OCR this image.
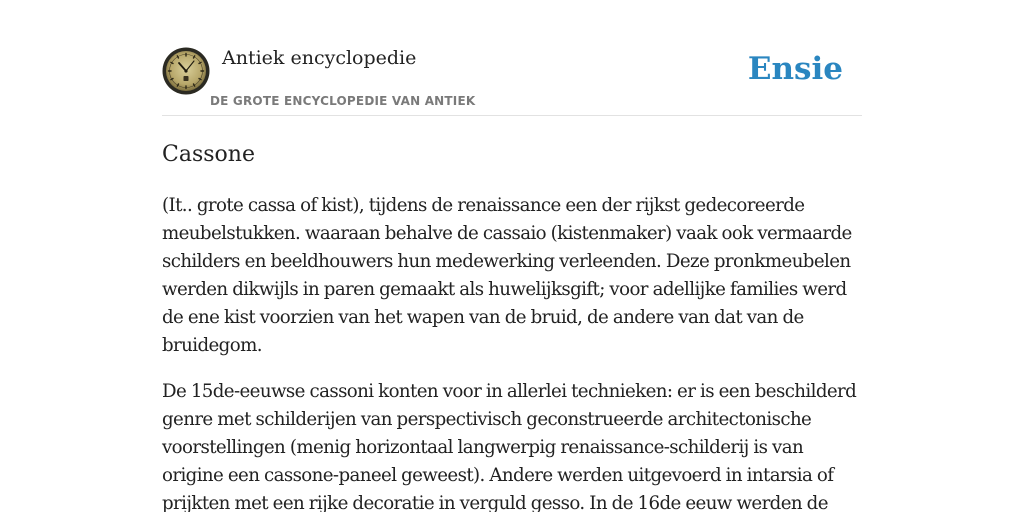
Antiek encyclopedie
DE GROTE ENCYCLOPEDIE VAN ANTIEK
Ensie
Cassone

(It.. grote cassa of kist), tijdens de renaissance een der rijkst gedecoreerde meubelstukken. waaraan behalve de cassaio (kistenmaker) vaak ook vermaarde schilders en beeldhouwers hun medewerking verleenden. Deze pronkmeubelen werden dikwijls in paren gemaakt als huwelijksgift; voor adellijke families werd de ene kist voorzien van het wapen van de bruid, de andere van dat van de bruidegom.

De 15de-eeuwse cassoni konten voor in allerlei technieken: er is een beschilderd genre met schilderijen van perspectivisch geconstrueerde architectonische voorstellingen (menig horizontaal langwerpig renaissance-schilderij is van origine een cassone-paneel geweest). Andere werden uitgevoerd in intarsia of prijkten met een rijke decoratie in verguld gesso. In de 16de eeuw werden de
